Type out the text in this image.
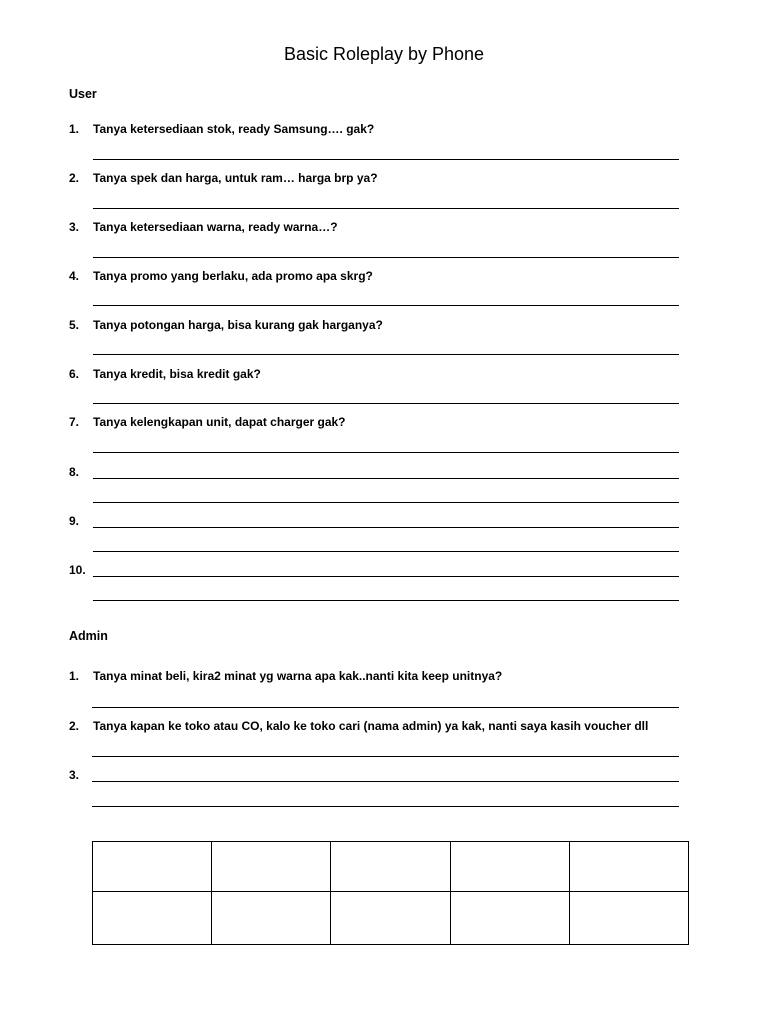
Basic Roleplay by Phone
User
1. Tanya ketersediaan stok, ready Samsung…. gak?
2. Tanya spek dan harga, untuk ram… harga brp ya?
3. Tanya ketersediaan warna, ready warna…?
4. Tanya promo yang berlaku, ada promo apa skrg?
5. Tanya potongan harga, bisa kurang gak harganya?
6. Tanya kredit, bisa kredit gak?
7. Tanya kelengkapan unit, dapat charger gak?
8.
9.
10.
Admin
1. Tanya minat beli, kira2 minat yg warna apa kak..nanti kita keep unitnya?
2. Tanya kapan ke toko atau CO, kalo ke toko cari (nama admin) ya kak, nanti saya kasih voucher dll
3.
